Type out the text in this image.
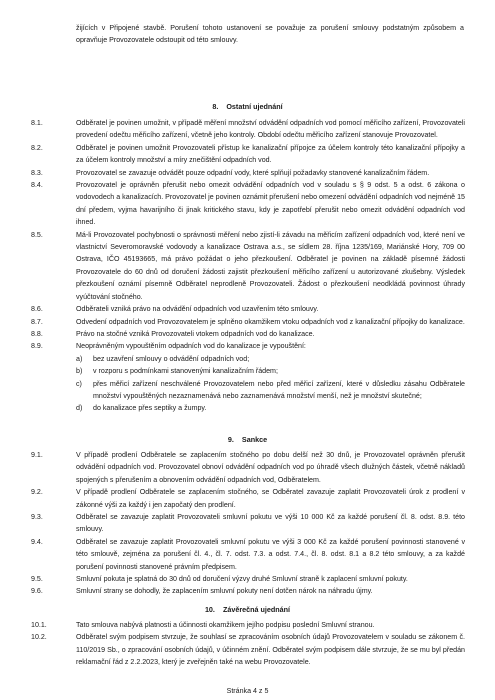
žijících v Připojené stavbě. Porušení tohoto ustanovení se považuje za porušení smlouvy podstatným způsobem a opravňuje Provozovatele odstoupit od této smlouvy.

8. Ostatní ujednání
8.1.	Odběratel je povinen umožnit, v případě měření množství odvádění odpadních vod pomocí měřicího zařízení, Provozovateli provedení odečtu měřicího zařízení, včetně jeho kontroly. Období odečtu měřicího zařízení stanovuje Provozovatel.
8.2.	Odběratel je povinen umožnit Provozovateli přístup ke kanalizační přípojce za účelem kontroly této kanalizační přípojky a za účelem kontroly množství a míry znečištění odpadních vod.
8.3.	Provozovatel se zavazuje odvádět pouze odpadní vody, které splňují požadavky stanovené kanalizačním řádem.
8.4.	Provozovatel je oprávněn přerušit nebo omezit odvádění odpadních vod v souladu s § 9 odst. 5 a odst. 6 zákona o vodovodech a kanalizacích. Provozovatel je povinen oznámit přerušení nebo omezení odvádění odpadních vod nejméně 15 dní předem, vyjma havarijního či jinak kritického stavu, kdy je zapotřebí přerušit nebo omezit odvádění odpadních vod ihned.
8.5.	Má-li Provozovatel pochybnosti o správnosti měření nebo zjistí-li závadu na měřicím zařízení odpadních vod, které není ve vlastnictví Severomoravské vodovody a kanalizace Ostrava a.s., se sídlem 28. října 1235/169, Mariánské Hory, 709 00 Ostrava, IČO 45193665, má právo požádat o jeho přezkoušení. Odběratel je povinen na základě písemné žádosti Provozovatele do 60 dnů od doručení žádosti zajistit přezkoušení měřicího zařízení u autorizované zkušebny. Výsledek přezkoušení oznámí písemně Odběratel neprodleně Provozovateli. Žádost o přezkoušení neodkládá povinnost úhrady vyúčtování stočného.
8.6.	Odběrateli vzniká právo na odvádění odpadních vod uzavřením této smlouvy.
8.7.	Odvedení odpadních vod Provozovatelem je splněno okamžikem vtoku odpadních vod z kanalizační přípojky do kanalizace.
8.8.	Právo na stočné vzniká Provozovateli vtokem odpadních vod do kanalizace.
8.9.	Neoprávněným vypouštěním odpadních vod do kanalizace je vypouštění:
a) bez uzavření smlouvy o odvádění odpadních vod;
b) v rozporu s podmínkami stanovenými kanalizačním řádem;
c) přes měřicí zařízení neschválené Provozovatelem nebo před měřicí zařízení, které v důsledku zásahu Odběratele množství vypouštěných nezaznamenává nebo zaznamenává množství menší, než je množství skutečné;
d) do kanalizace přes septiky a žumpy.
9. Sankce
9.1.	V případě prodlení Odběratele se zaplacením stočného po dobu delší než 30 dnů, je Provozovatel oprávněn přerušit odvádění odpadních vod. Provozovatel obnoví odvádění odpadních vod po úhradě všech dlužných částek, včetně nákladů spojených s přerušením a obnovením odvádění odpadních vod, Odběratelem.
9.2.	V případě prodlení Odběratele se zaplacením stočného, se Odběratel zavazuje zaplatit Provozovateli úrok z prodlení v zákonné výši za každý i jen započatý den prodlení.
9.3.	Odběratel se zavazuje zaplatit Provozovateli smluvní pokutu ve výši 10 000 Kč za každé porušení čl. 8. odst. 8.9. této smlouvy.
9.4.	Odběratel se zavazuje zaplatit Provozovateli smluvní pokutu ve výši 3 000 Kč za každé porušení povinnosti stanovené v této smlouvě, zejména za porušení čl. 4., čl. 7. odst. 7.3. a odst. 7.4., čl. 8. odst. 8.1 a 8.2 této smlouvy, a za každé porušení povinnosti stanovené právním předpisem.
9.5.	Smluvní pokuta je splatná do 30 dnů od doručení výzvy druhé Smluvní straně k zaplacení smluvní pokuty.
9.6.	Smluvní strany se dohodly, že zaplacením smluvní pokuty není dotčen nárok na náhradu újmy.
10. Závěrečná ujednání
10.1.	Tato smlouva nabývá platnosti a účinnosti okamžikem jejího podpisu poslední Smluvní stranou.
10.2.	Odběratel svým podpisem stvrzuje, že souhlasí se zpracováním osobních údajů Provozovatelem v souladu se zákonem č. 110/2019 Sb., o zpracování osobních údajů, v účinném znění. Odběratel svým podpisem dále stvrzuje, že se mu byl předán reklamační řád z 2.2.2023, který je zveřejněn také na webu Provozovatele.
Stránka 4 z 5
